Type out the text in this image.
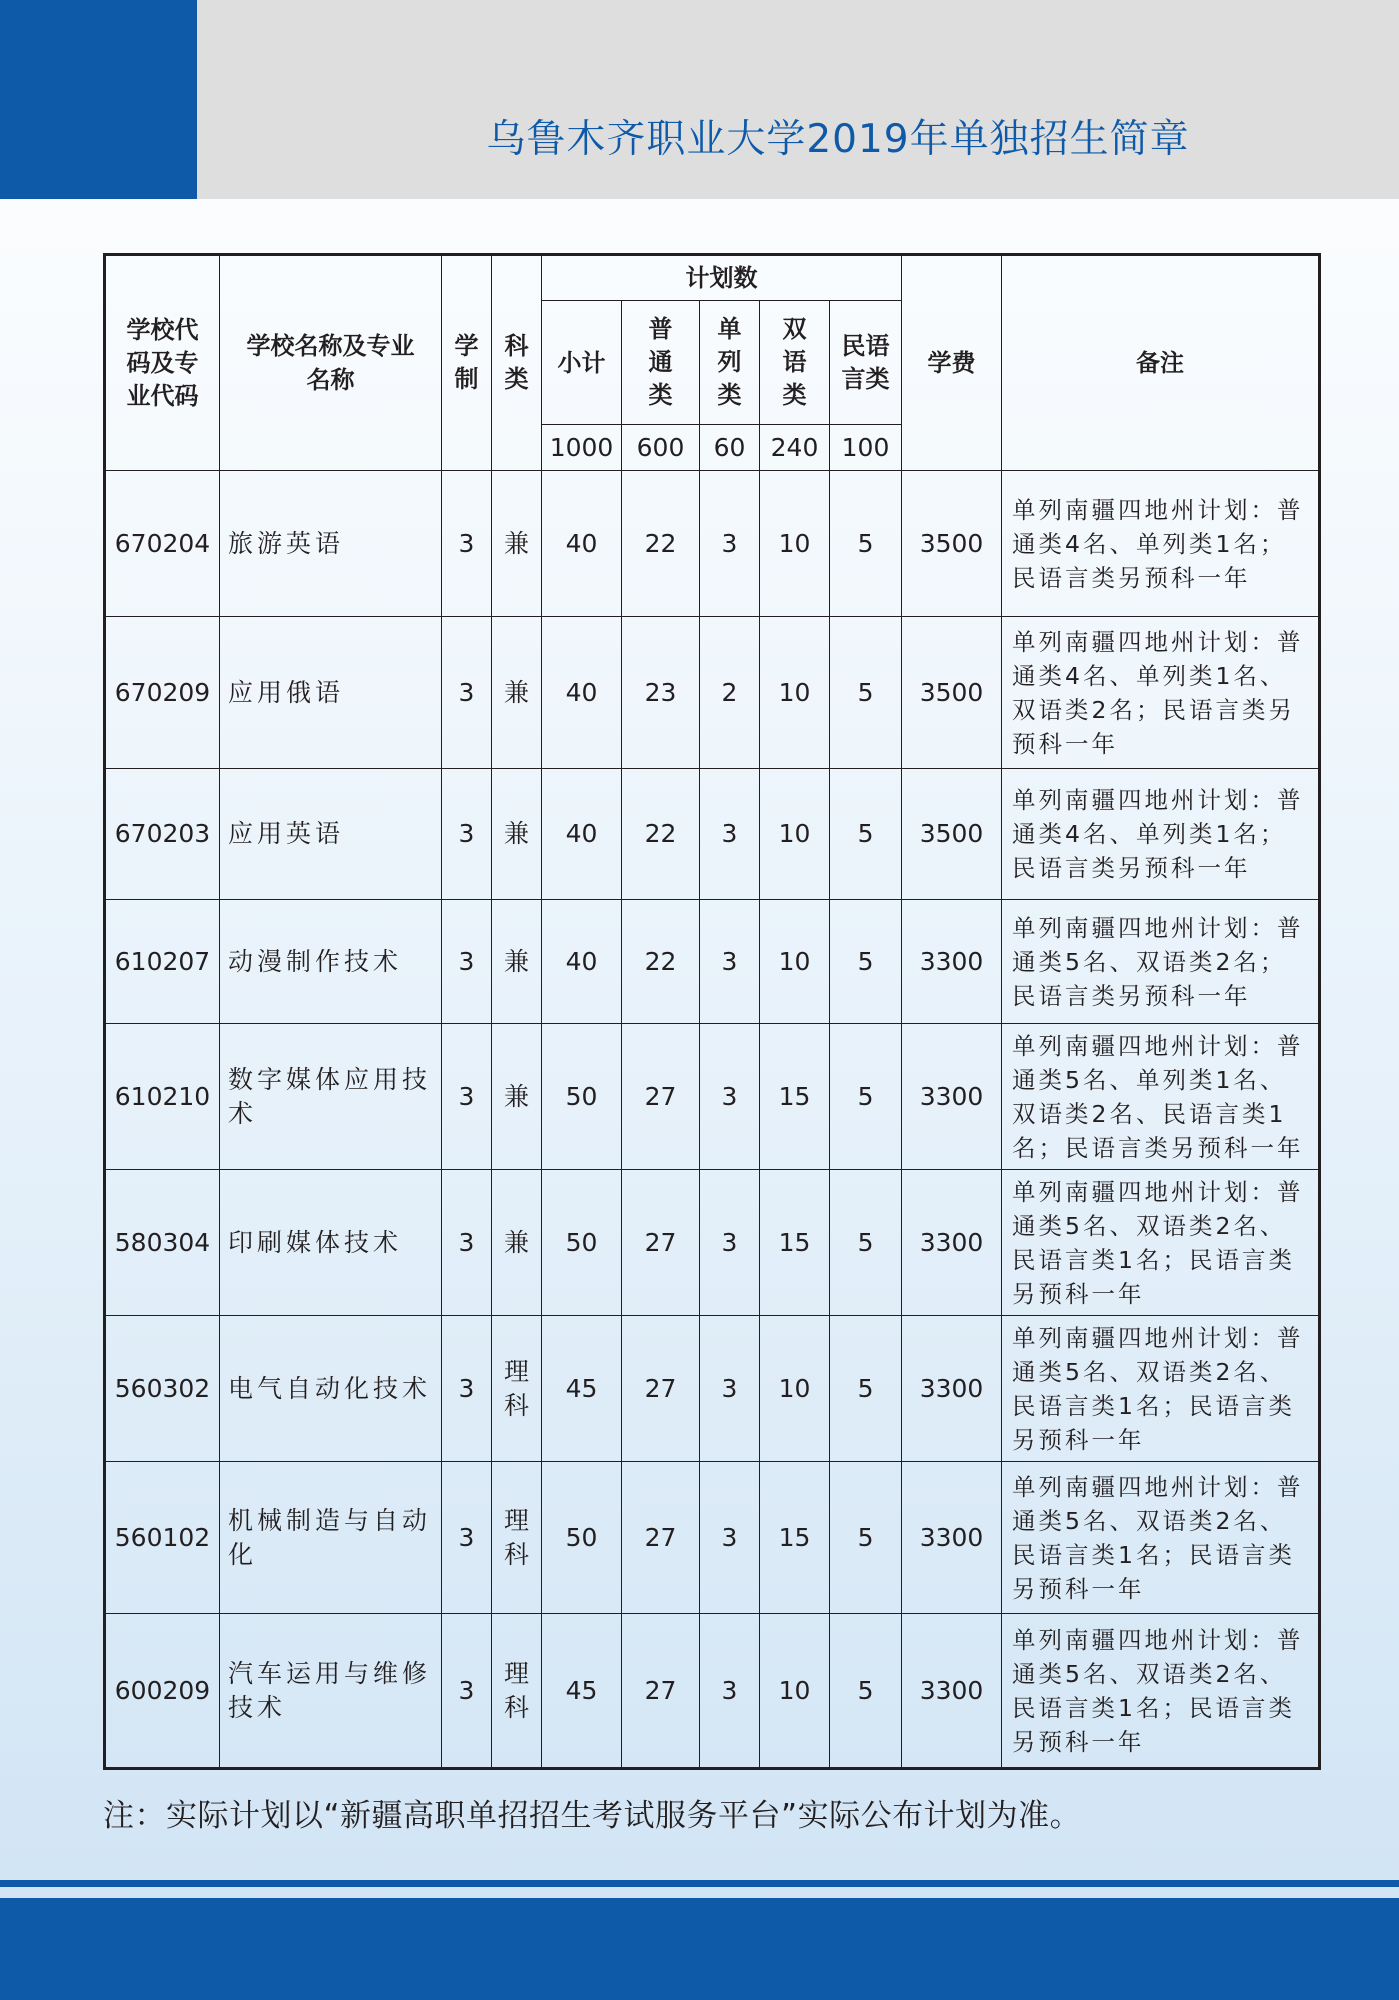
乌鲁木齐职业大学2019年单独招生简章
学校代码及专业代码	学校名称及专业名称	学制	科类	计划数					学费	备注
				小计	普通类	单列类	双语类	民语言类		
				1000	600	60	240	100		
670204	旅游英语	3	兼	40	22	3	10	5	3500	单列南疆四地州计划：普通类4名、单列类1名；民语言类另预科一年
670209	应用俄语	3	兼	40	23	2	10	5	3500	单列南疆四地州计划：普通类4名、单列类1名、双语类2名；民语言类另预科一年
670203	应用英语	3	兼	40	22	3	10	5	3500	单列南疆四地州计划：普通类4名、单列类1名；民语言类另预科一年
610207	动漫制作技术	3	兼	40	22	3	10	5	3300	单列南疆四地州计划：普通类5名、双语类2名；民语言类另预科一年
610210	数字媒体应用技术	3	兼	50	27	3	15	5	3300	单列南疆四地州计划：普通类5名、单列类1名、双语类2名、民语言类1名；民语言类另预科一年
580304	印刷媒体技术	3	兼	50	27	3	15	5	3300	单列南疆四地州计划：普通类5名、双语类2名、民语言类1名；民语言类另预科一年
560302	电气自动化技术	3	理科	45	27	3	10	5	3300	单列南疆四地州计划：普通类5名、双语类2名、民语言类1名；民语言类另预科一年
560102	机械制造与自动化	3	理科	50	27	3	15	5	3300	单列南疆四地州计划：普通类5名、双语类2名、民语言类1名；民语言类另预科一年
600209	汽车运用与维修技术	3	理科	45	27	3	10	5	3300	单列南疆四地州计划：普通类5名、双语类2名、民语言类1名；民语言类另预科一年
注：实际计划以“新疆高职单招招生考试服务平台”实际公布计划为准。
